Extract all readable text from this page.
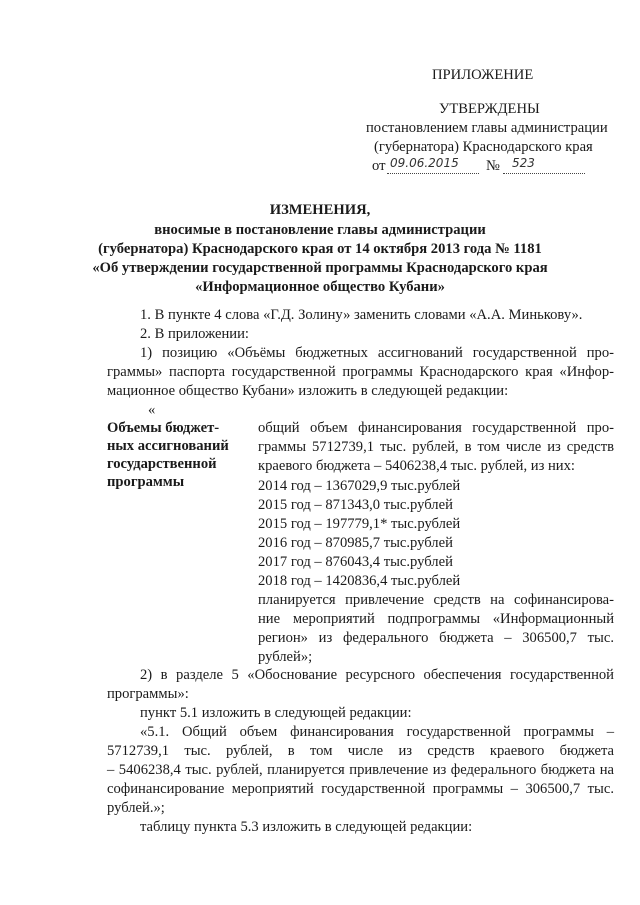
ПРИЛОЖЕНИЕ
УТВЕРЖДЕНЫ
постановлением главы администрации
(губернатора) Краснодарского края
от 09.06.2015 № 523
ИЗМЕНЕНИЯ,
вносимые в постановление главы администрации
(губернатора) Краснодарского края от 14 октября 2013 года № 1181
«Об утверждении государственной программы Краснодарского края
«Информационное общество Кубани»
1. В пункте 4 слова «Г.Д. Золину» заменить словами «А.А. Минькову».
2. В приложении:
1) позицию «Объёмы бюджетных ассигнований государственной про-
граммы» паспорта государственной программы Краснодарского края «Инфор-
мационное общество Кубани» изложить в следующей редакции:
«
Объемы бюджет-
ных ассигнований
государственной
программы
общий объем финансирования государственной про-
граммы 5712739,1 тыс. рублей, в том числе из средств
краевого бюджета – 5406238,4 тыс. рублей, из них:
2014 год – 1367029,9 тыс.рублей
2015 год – 871343,0 тыс.рублей
2015 год – 197779,1* тыс.рублей
2016 год – 870985,7 тыс.рублей
2017 год – 876043,4 тыс.рублей
2018 год – 1420836,4 тыс.рублей
планируется привлечение средств на софинансирова-
ние мероприятий подпрограммы «Информационный
регион» из федерального бюджета – 306500,7 тыс.
рублей»;
2) в разделе 5 «Обоснование ресурсного обеспечения государственной
программы»:
пункт 5.1 изложить в следующей редакции:
«5.1. Общий объем финансирования государственной программы –
5712739,1 тыс. рублей, в том числе из средств краевого бюджета
– 5406238,4 тыс. рублей, планируется привлечение из федерального бюджета на
софинансирование мероприятий государственной программы – 306500,7 тыс.
рублей.»;
таблицу пункта 5.3 изложить в следующей редакции:
